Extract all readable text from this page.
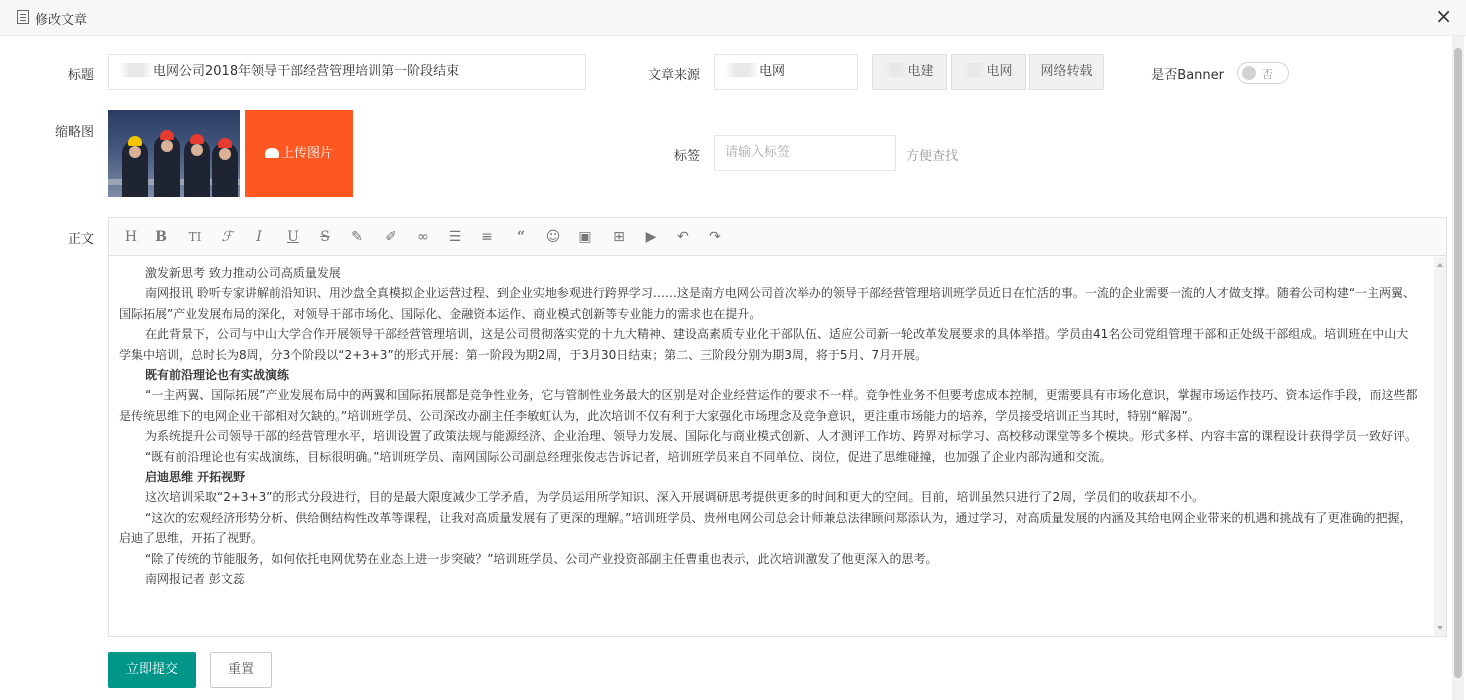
修改文章	×
标题	电网公司2018年领导干部经营管理培训第一阶段结束	文章来源	电网	电建	电网	网络转载	是否Banner	否
缩略图
上传图片	标签	请输入标签	方便查找
正文 H B	TI	ℱ	I	U	S	✎ ✐ ∞ ☰ ≡	“	☺ ▣ ⊞	▶	↶ ↷

激发新思考 致力推动公司高质量发展

南网报讯 聆听专家讲解前沿知识、用沙盘全真模拟企业运营过程、到企业实地参观进行跨界学习……这是南方电网公司首次举办的领导干部经营管理培训班学员近日在忙活的事。一流的企业需要一流的人才做支撑。随着公司构建“一主两翼、国际拓展”产业发展布局的深化，对领导干部市场化、国际化、金融资本运作、商业模式创新等专业能力的需求也在提升。

在此背景下，公司与中山大学合作开展领导干部经营管理培训，这是公司贯彻落实党的十九大精神、建设高素质专业化干部队伍、适应公司新一轮改革发展要求的具体举措。学员由41名公司党组管理干部和正处级干部组成。培训班在中山大学集中培训，总时长为8周，分3个阶段以“2+3+3”的形式开展：第一阶段为期2周，于3月30日结束；第二、三阶段分别为期3周，将于5月、7月开展。

既有前沿理论也有实战演练

“一主两翼、国际拓展”产业发展布局中的两翼和国际拓展都是竞争性业务，它与管制性业务最大的区别是对企业经营运作的要求不一样。竞争性业务不但要考虑成本控制，更需要具有市场化意识，掌握市场运作技巧、资本运作手段，而这些都是传统思维下的电网企业干部相对欠缺的。”培训班学员、公司深改办副主任李敏虹认为，此次培训不仅有利于大家强化市场理念及竞争意识，更注重市场能力的培养，学员接受培训正当其时，特别“解渴”。

为系统提升公司领导干部的经营管理水平，培训设置了政策法规与能源经济、企业治理、领导力发展、国际化与商业模式创新、人才测评工作坊、跨界对标学习、高校移动课堂等多个模块。形式多样、内容丰富的课程设计获得学员一致好评。

“既有前沿理论也有实战演练，目标很明确。”培训班学员、南网国际公司副总经理张俊志告诉记者，培训班学员来自不同单位、岗位，促进了思维碰撞，也加强了企业内部沟通和交流。

启迪思维 开拓视野

这次培训采取“2+3+3”的形式分段进行，目的是最大限度减少工学矛盾，为学员运用所学知识、深入开展调研思考提供更多的时间和更大的空间。目前，培训虽然只进行了2周，学员们的收获却不小。

“这次的宏观经济形势分析、供给侧结构性改革等课程，让我对高质量发展有了更深的理解。”培训班学员、贵州电网公司总会计师兼总法律顾问郑添认为，通过学习，对高质量发展的内涵及其给电网企业带来的机遇和挑战有了更准确的把握，启迪了思维，开拓了视野。

“除了传统的节能服务，如何依托电网优势在业态上进一步突破？”培训班学员、公司产业投资部副主任曹重也表示，此次培训激发了他更深入的思考。

南网报记者 彭文蕊

立即提交	重置
